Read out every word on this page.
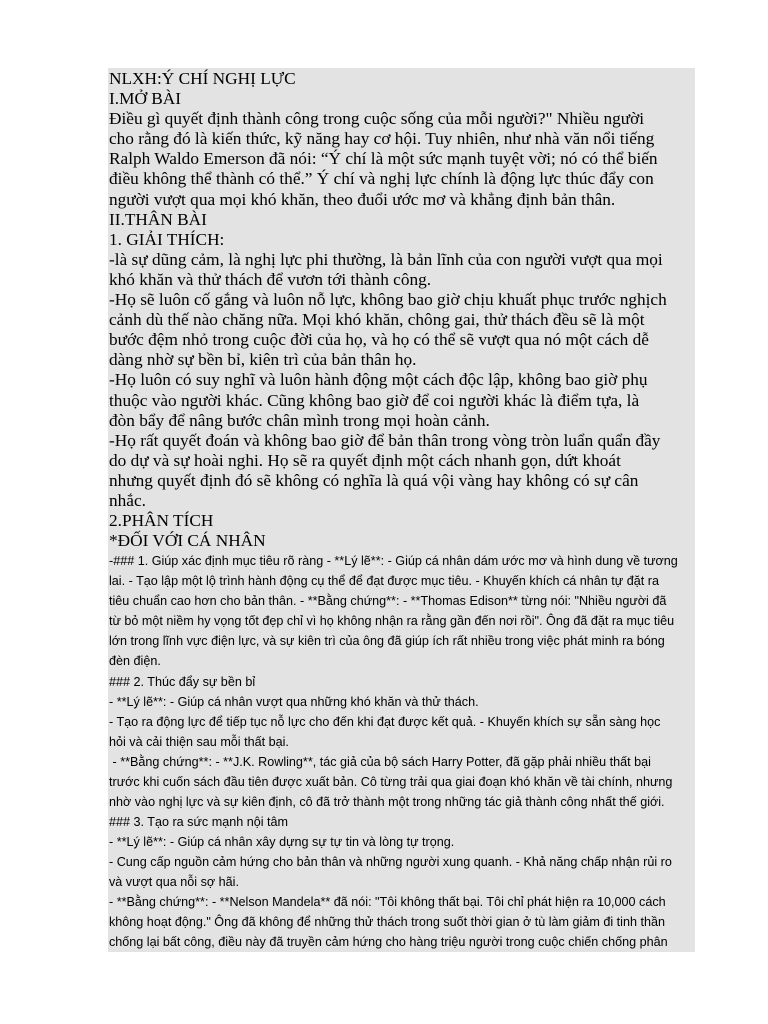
NLXH:Ý CHÍ NGHỊ LỰC
I.MỞ BÀI
Điều gì quyết định thành công trong cuộc sống của mỗi người?" Nhiều người
cho rằng đó là kiến thức, kỹ năng hay cơ hội. Tuy nhiên, như nhà văn nổi tiếng
Ralph Waldo Emerson đã nói: “Ý chí là một sức mạnh tuyệt vời; nó có thể biến
điều không thể thành có thể.” Ý chí và nghị lực chính là động lực thúc đẩy con
người vượt qua mọi khó khăn, theo đuổi ước mơ và khẳng định bản thân.
II.THÂN BÀI
1. GIẢI THÍCH:
-là sự dũng cảm, là nghị lực phi thường, là bản lĩnh của con người vượt qua mọi
khó khăn và thử thách để vươn tới thành công.
-Họ sẽ luôn cố gắng và luôn nỗ lực, không bao giờ chịu khuất phục trước nghịch
cảnh dù thế nào chăng nữa. Mọi khó khăn, chông gai, thử thách đều sẽ là một
bước đệm nhỏ trong cuộc đời của họ, và họ có thể sẽ vượt qua nó một cách dễ
dàng nhờ sự bền bỉ, kiên trì của bản thân họ.
-Họ luôn có suy nghĩ và luôn hành động một cách độc lập, không bao giờ phụ
thuộc vào người khác. Cũng không bao giờ để coi người khác là điểm tựa, là
đòn bẩy để nâng bước chân mình trong mọi hoàn cảnh.
-Họ rất quyết đoán và không bao giờ để bản thân trong vòng tròn luẩn quẩn đầy
do dự và sự hoài nghi. Họ sẽ ra quyết định một cách nhanh gọn, dứt khoát
nhưng quyết định đó sẽ không có nghĩa là quá vội vàng hay không có sự cân
nhắc.
2.PHÂN TÍCH
*ĐỐI VỚI CÁ NHÂN
-### 1. Giúp xác định mục tiêu rõ ràng - **Lý lẽ**: - Giúp cá nhân dám ước mơ và hình dung về tương
lai. - Tạo lập một lộ trình hành động cụ thể để đạt được mục tiêu. - Khuyến khích cá nhân tự đặt ra
tiêu chuẩn cao hơn cho bản thân. - **Bằng chứng**: - **Thomas Edison** từng nói: "Nhiều người đã
từ bỏ một niềm hy vọng tốt đẹp chỉ vì họ không nhận ra rằng gần đến nơi rồi". Ông đã đặt ra mục tiêu
lớn trong lĩnh vực điện lực, và sự kiên trì của ông đã giúp ích rất nhiều trong việc phát minh ra bóng
đèn điện.
### 2. Thúc đẩy sự bền bỉ
- **Lý lẽ**: - Giúp cá nhân vượt qua những khó khăn và thử thách.
- Tạo ra động lực để tiếp tục nỗ lực cho đến khi đạt được kết quả. - Khuyến khích sự sẵn sàng học
hỏi và cải thiện sau mỗi thất bại.
- **Bằng chứng**: - **J.K. Rowling**, tác giả của bộ sách Harry Potter, đã gặp phải nhiều thất bại
trước khi cuốn sách đầu tiên được xuất bản. Cô từng trải qua giai đoạn khó khăn về tài chính, nhưng
nhờ vào nghị lực và sự kiên định, cô đã trở thành một trong những tác giả thành công nhất thế giới.
### 3. Tạo ra sức mạnh nội tâm
- **Lý lẽ**: - Giúp cá nhân xây dựng sự tự tin và lòng tự trọng.
- Cung cấp nguồn cảm hứng cho bản thân và những người xung quanh. - Khả năng chấp nhận rủi ro
và vượt qua nỗi sợ hãi.
- **Bằng chứng**: - **Nelson Mandela** đã nói: "Tôi không thất bại. Tôi chỉ phát hiện ra 10,000 cách
không hoạt động." Ông đã không để những thử thách trong suốt thời gian ở tù làm giảm đi tinh thần
chống lại bất công, điều này đã truyền cảm hứng cho hàng triệu người trong cuộc chiến chống phân
